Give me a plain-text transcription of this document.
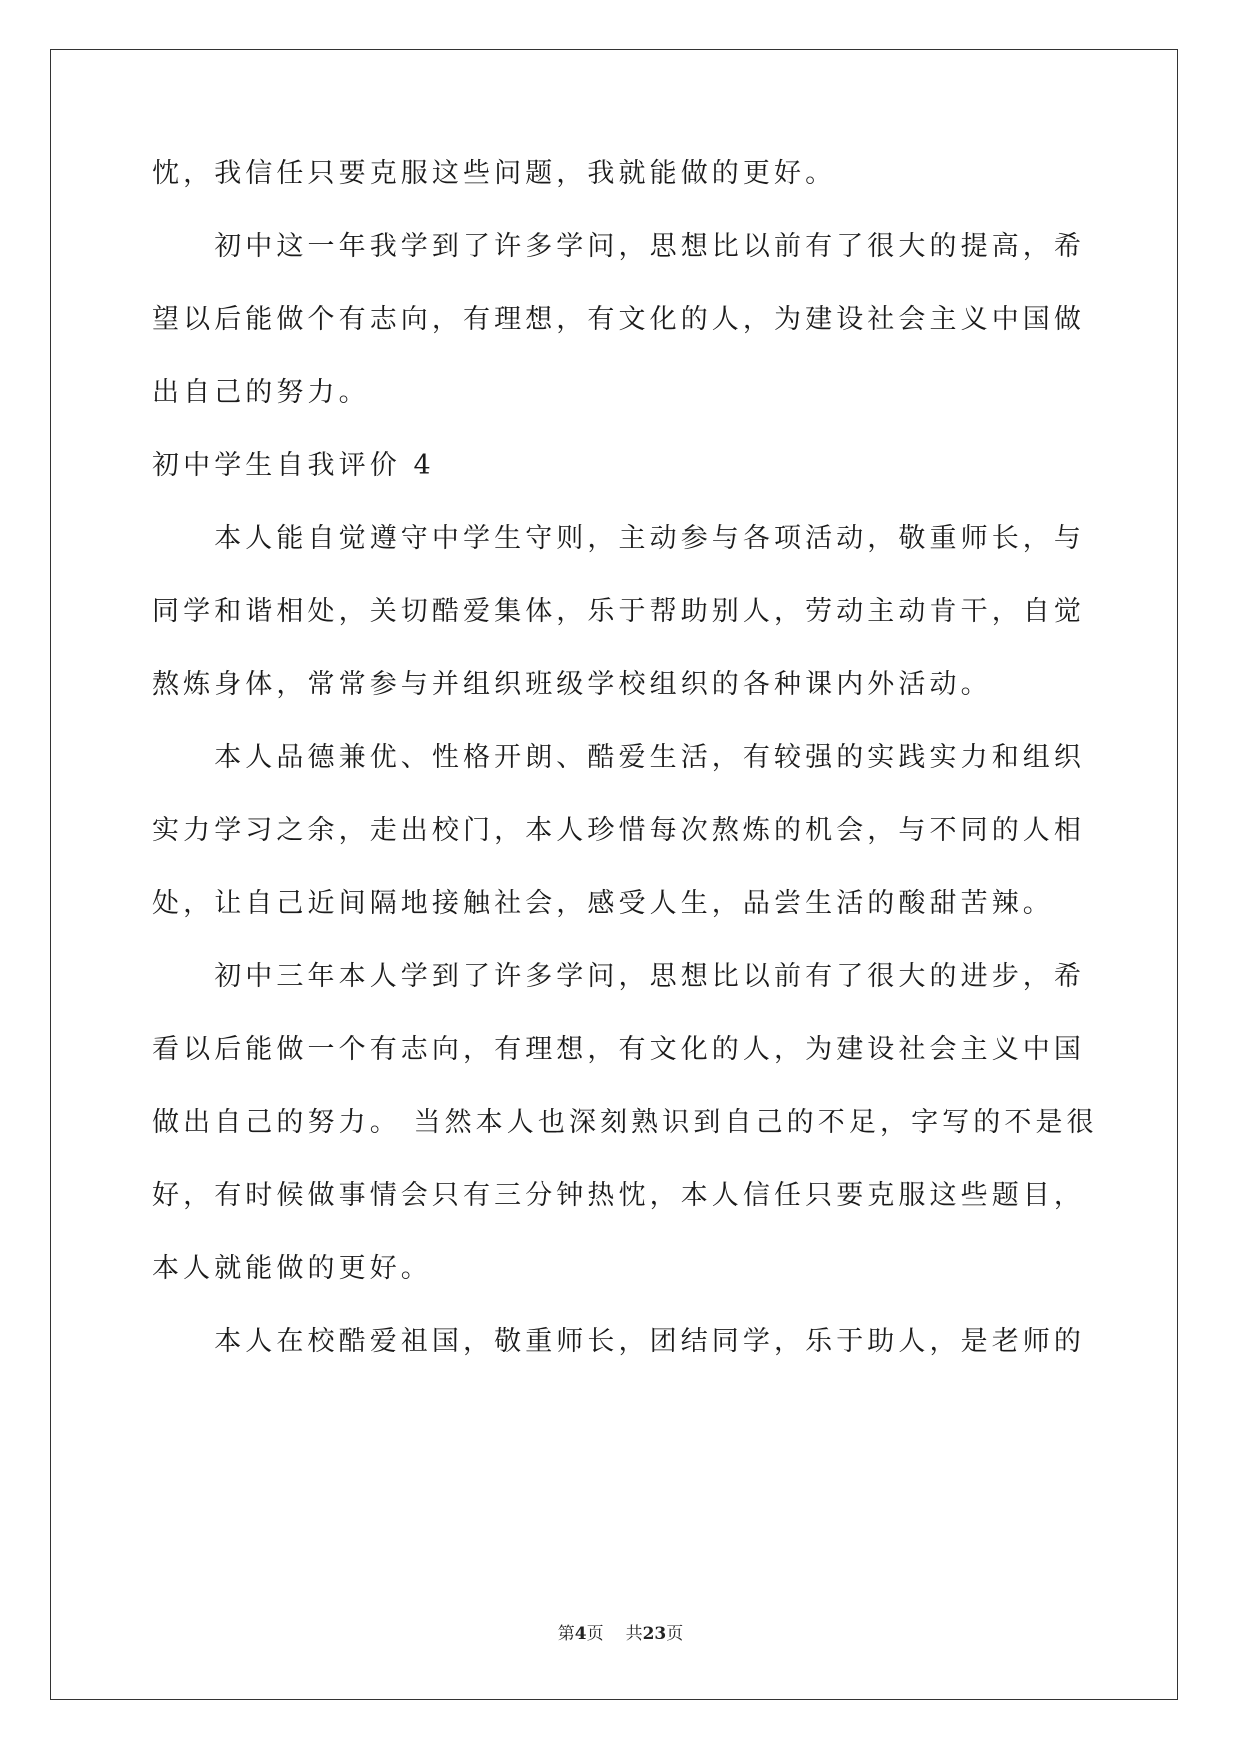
忱，我信任只要克服这些问题，我就能做的更好。
　　初中这一年我学到了许多学问，思想比以前有了很大的提高，希
望以后能做个有志向，有理想，有文化的人，为建设社会主义中国做
出自己的努力。
初中学生自我评价 4
　　本人能自觉遵守中学生守则，主动参与各项活动，敬重师长，与
同学和谐相处，关切酷爱集体，乐于帮助别人，劳动主动肯干，自觉
熬炼身体，常常参与并组织班级学校组织的各种课内外活动。
　　本人品德兼优、性格开朗、酷爱生活，有较强的实践实力和组织
实力学习之余，走出校门，本人珍惜每次熬炼的机会，与不同的人相
处，让自己近间隔地接触社会，感受人生，品尝生活的酸甜苦辣。
　　初中三年本人学到了许多学问，思想比以前有了很大的进步，希
看以后能做一个有志向，有理想，有文化的人，为建设社会主义中国
做出自己的努力。 当然本人也深刻熟识到自己的不足，字写的不是很
好，有时候做事情会只有三分钟热忱，本人信任只要克服这些题目，
本人就能做的更好。
　　本人在校酷爱祖国，敬重师长，团结同学，乐于助人，是老师的
第4页 共23页
